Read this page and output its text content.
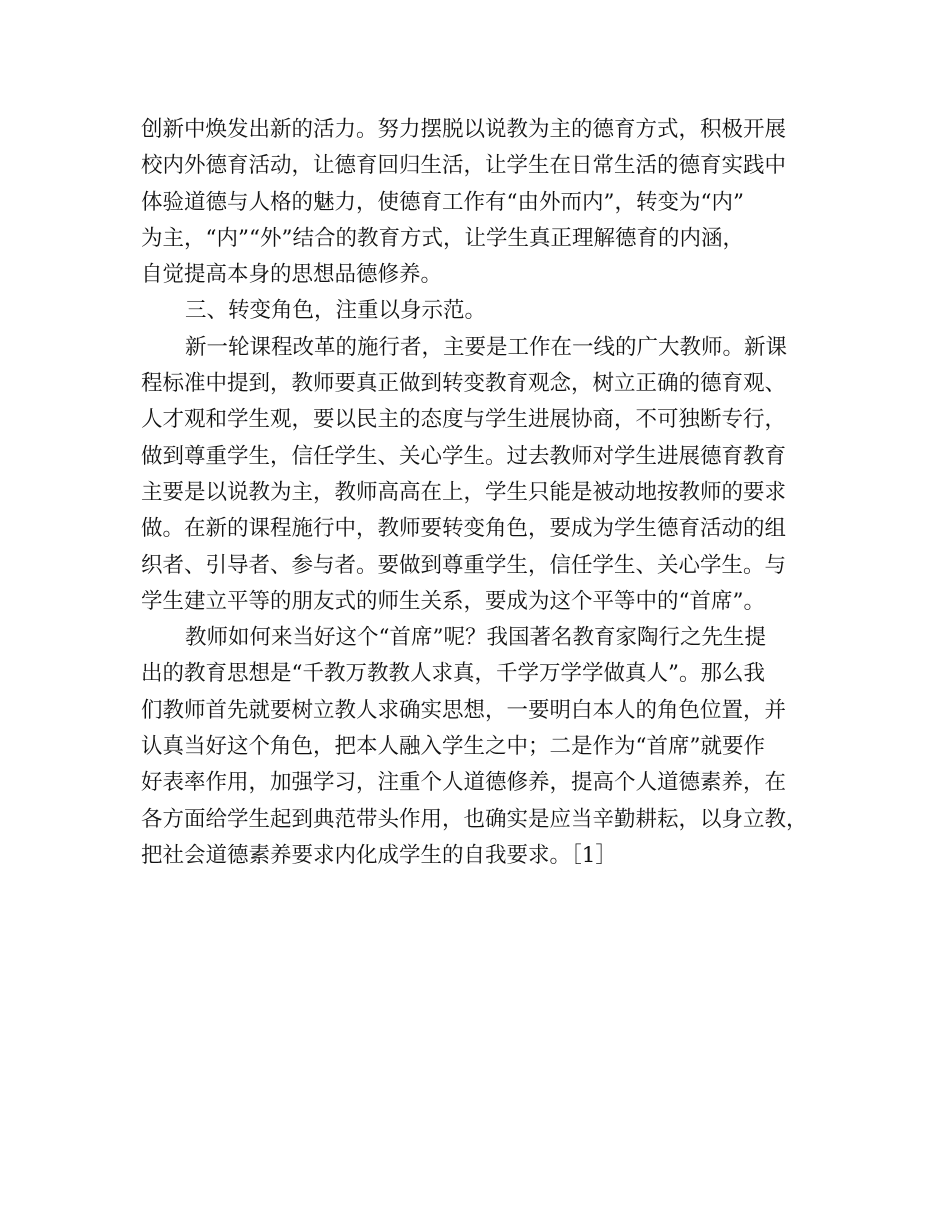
创新中焕发出新的活力。努力摆脱以说教为主的德育方式，积极开展
校内外德育活动，让德育回归生活，让学生在日常生活的德育实践中
体验道德与人格的魅力，使德育工作有“由外而内”，转变为“内”
为主，“内”“外”结合的教育方式，让学生真正理解德育的内涵，
自觉提高本身的思想品德修养。
三、转变角色，注重以身示范。
新一轮课程改革的施行者，主要是工作在一线的广大教师。新课
程标准中提到，教师要真正做到转变教育观念，树立正确的德育观、
人才观和学生观，要以民主的态度与学生进展协商，不可独断专行，
做到尊重学生，信任学生、关心学生。过去教师对学生进展德育教育
主要是以说教为主，教师高高在上，学生只能是被动地按教师的要求
做。在新的课程施行中，教师要转变角色，要成为学生德育活动的组
织者、引导者、参与者。要做到尊重学生，信任学生、关心学生。与
学生建立平等的朋友式的师生关系，要成为这个平等中的“首席”。
教师如何来当好这个“首席”呢？我国著名教育家陶行之先生提
出的教育思想是“千教万教教人求真，千学万学学做真人”。那么我
们教师首先就要树立教人求确实思想，一要明白本人的角色位置，并
认真当好这个角色，把本人融入学生之中；二是作为“首席”就要作
好表率作用，加强学习，注重个人道德修养，提高个人道德素养，在
各方面给学生起到典范带头作用，也确实是应当辛勤耕耘，以身立教，
把社会道德素养要求内化成学生的自我要求。［1］
